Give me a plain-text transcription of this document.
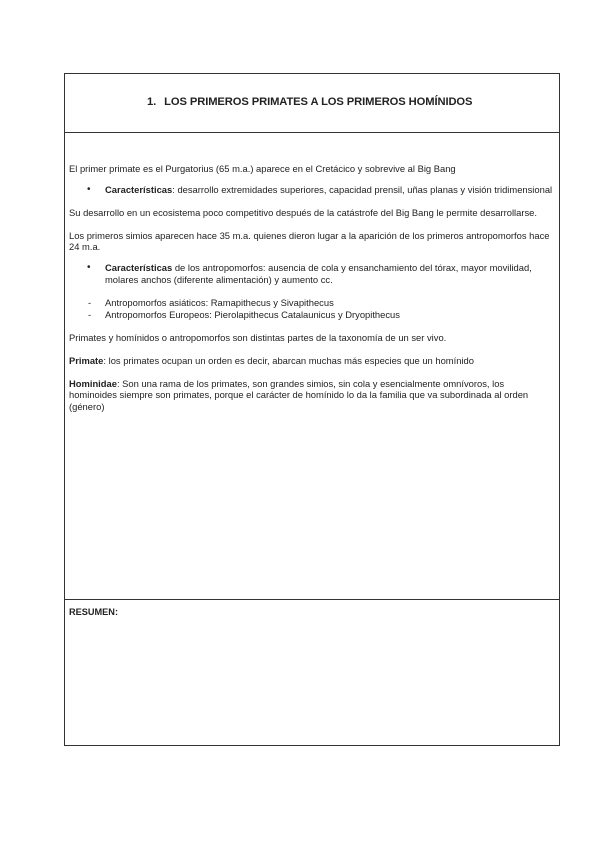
1. LOS PRIMEROS PRIMATES A LOS PRIMEROS HOMÍNIDOS

El primer primate es el Purgatorius (65 m.a.) aparece en el Cretácico y sobrevive al Big Bang

• Características: desarrollo extremidades superiores, capacidad prensil, uñas planas y visión tridimensional

Su desarrollo en un ecosistema poco competitivo después de la catástrofe del Big Bang le permite desarrollarse.

Los primeros simios aparecen hace 35 m.a. quienes dieron lugar a la aparición de los primeros antropomorfos hace 24 m.a.

• Características de los antropomorfos: ausencia de cola y ensanchamiento del tórax, mayor movilidad, molares anchos (diferente alimentación) y aumento cc.
- Antropomorfos asiáticos: Ramapithecus y Sivapithecus
- Antropomorfos Europeos: Pierolapithecus Catalaunicus y Dryopithecus

Primates y homínidos o antropomorfos son distintas partes de la taxonomía de un ser vivo.

Primate: los primates ocupan un orden es decir, abarcan muchas más especies que un homínido

Hominidae: Son una rama de los primates, son grandes simios, sin cola y esencialmente omnívoros, los hominoides siempre son primates, porque el carácter de homínido lo da la familia que va subordinada al orden (género)

RESUMEN:
